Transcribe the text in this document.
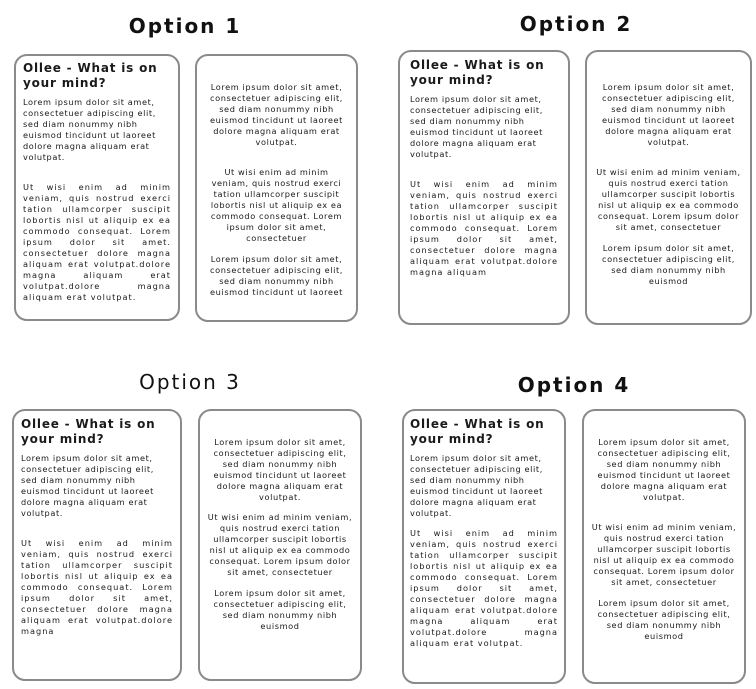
Option 1
Ollee - What is on your mind?

Lorem ipsum dolor sit amet, consectetuer adipiscing elit, sed diam nonummy nibh euismod tincidunt ut laoreet dolore magna aliquam erat volutpat.

Ut wisi enim ad minim veniam, quis nostrud exerci tation ullamcorper suscipit lobortis nisl ut aliquip ex ea commodo consequat. Lorem ipsum dolor sit amet. consectetuer dolore magna aliquam erat volutpat.dolore magna aliquam erat volutpat.dolore magna aliquam erat volutpat.

Lorem ipsum dolor sit amet, consectetuer adipiscing elit, sed diam nonummy nibh euismod tincidunt ut laoreet dolore magna aliquam erat volutpat.

Ut wisi enim ad minim veniam, quis nostrud exerci tation ullamcorper suscipit lobortis nisl ut aliquip ex ea commodo consequat. Lorem ipsum dolor sit amet, consectetuer

Lorem ipsum dolor sit amet, consectetuer adipiscing elit, sed diam nonummy nibh euismod tincidunt ut laoreet

Option 2
Ollee - What is on your mind?

Lorem ipsum dolor sit amet, consectetuer adipiscing elit, sed diam nonummy nibh euismod tincidunt ut laoreet dolore magna aliquam erat volutpat.

Ut wisi enim ad minim veniam, quis nostrud exerci tation ullamcorper suscipit lobortis nisl ut aliquip ex ea commodo consequat. Lorem ipsum dolor sit amet, consectetuer dolore magna aliquam erat volutpat.dolore magna aliquam

Lorem ipsum dolor sit amet, consectetuer adipiscing elit, sed diam nonummy nibh euismod tincidunt ut laoreet dolore magna aliquam erat volutpat.

Ut wisi enim ad minim veniam, quis nostrud exerci tation ullamcorper suscipit lobortis nisl ut aliquip ex ea commodo consequat. Lorem ipsum dolor sit amet, consectetuer

Lorem ipsum dolor sit amet, consectetuer adipiscing elit, sed diam nonummy nibh euismod

Option 3
Ollee - What is on your mind?

Lorem ipsum dolor sit amet, consectetuer adipiscing elit, sed diam nonummy nibh euismod tincidunt ut laoreet dolore magna aliquam erat volutpat.

Ut wisi enim ad minim veniam, quis nostrud exerci tation ullamcorper suscipit lobortis nisl ut aliquip ex ea commodo consequat. Lorem ipsum dolor sit amet, consectetuer dolore magna aliquam erat volutpat.dolore magna

Lorem ipsum dolor sit amet, consectetuer adipiscing elit, sed diam nonummy nibh euismod tincidunt ut laoreet dolore magna aliquam erat volutpat.

Ut wisi enim ad minim veniam, quis nostrud exerci tation ullamcorper suscipit lobortis nisl ut aliquip ex ea commodo consequat. Lorem ipsum dolor sit amet, consectetuer

Lorem ipsum dolor sit amet, consectetuer adipiscing elit, sed diam nonummy nibh euismod

Option 4
Ollee - What is on your mind?

Lorem ipsum dolor sit amet, consectetuer adipiscing elit, sed diam nonummy nibh euismod tincidunt ut laoreet dolore magna aliquam erat volutpat.

Ut wisi enim ad minim veniam, quis nostrud exerci tation ullamcorper suscipit lobortis nisl ut aliquip ex ea commodo consequat. Lorem ipsum dolor sit amet, consectetuer dolore magna aliquam erat volutpat.dolore magna aliquam erat volutpat.dolore magna aliquam erat volutpat.

Lorem ipsum dolor sit amet, consectetuer adipiscing elit, sed diam nonummy nibh euismod tincidunt ut laoreet dolore magna aliquam erat volutpat.

Ut wisi enim ad minim veniam, quis nostrud exerci tation ullamcorper suscipit lobortis nisl ut aliquip ex ea commodo consequat. Lorem ipsum dolor sit amet, consectetuer

Lorem ipsum dolor sit amet, consectetuer adipiscing elit, sed diam nonummy nibh euismod
